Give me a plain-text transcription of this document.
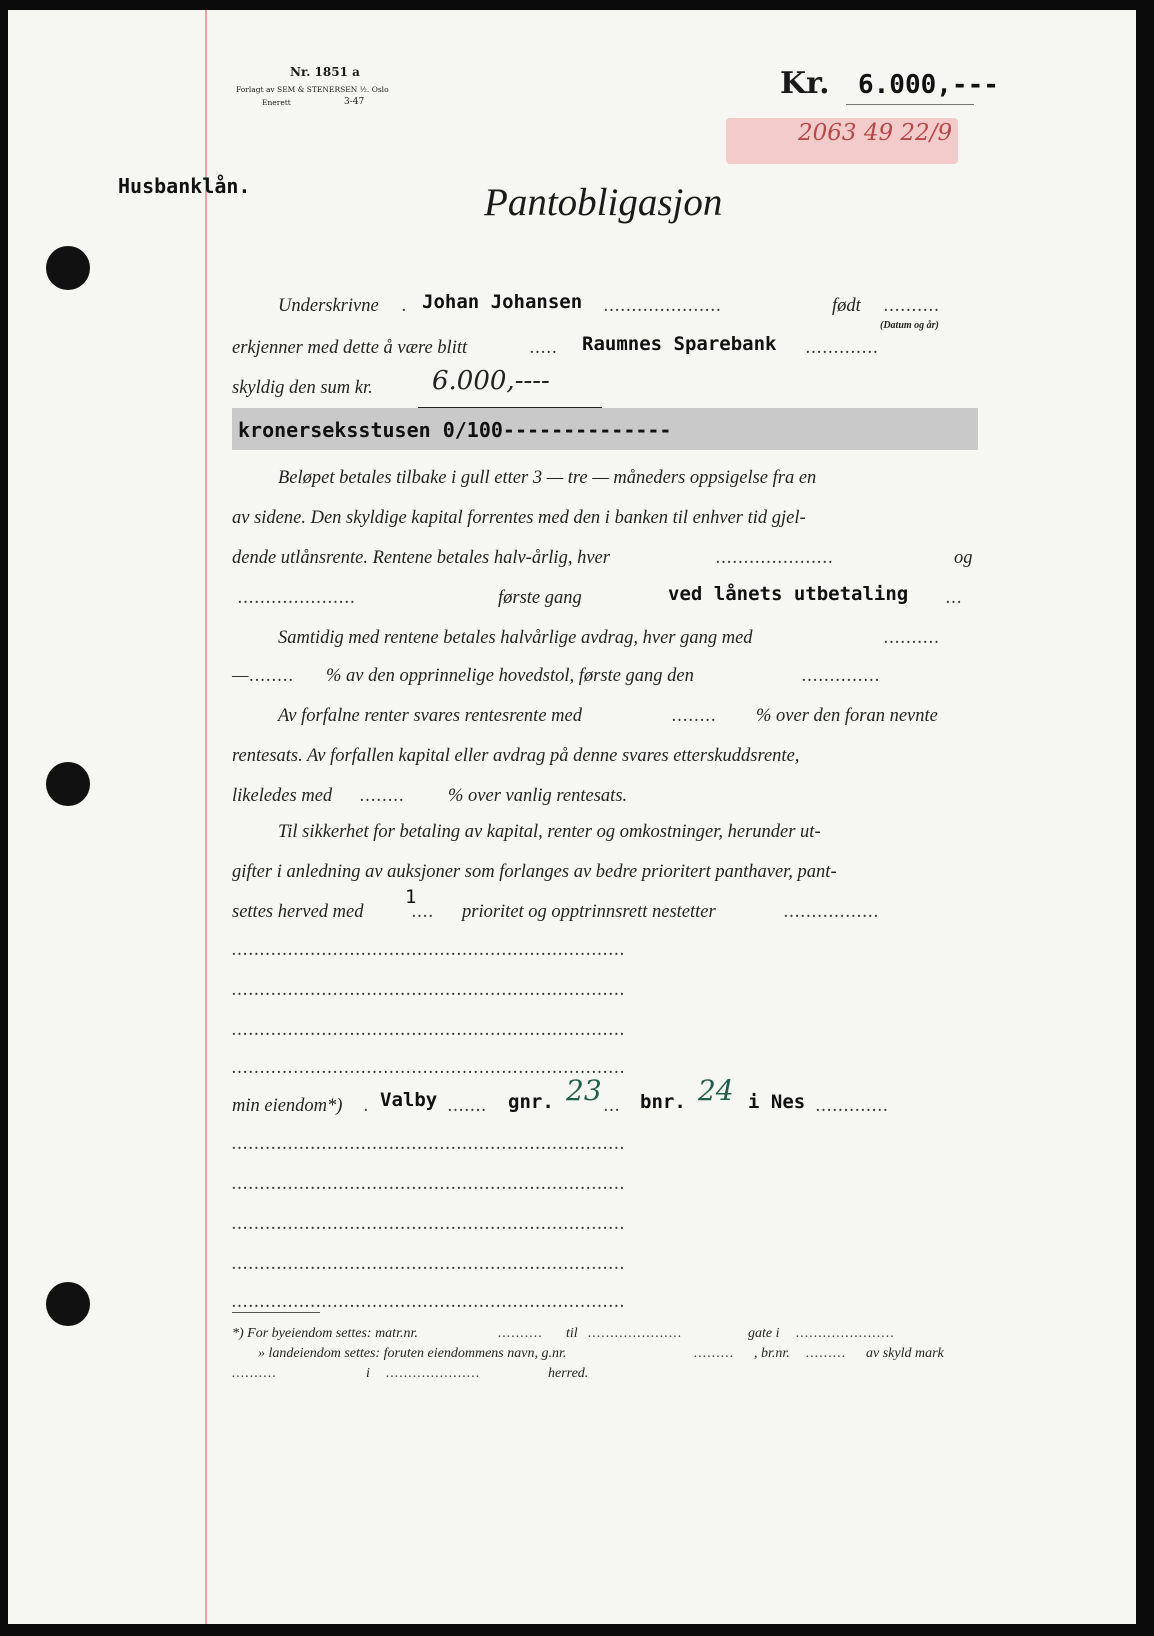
Nr. 1851 a
Forlagt av SEM & STENERSEN ½. Oslo
Enerett	3-47
Kr. 6.000,---
2063 49 22/9
Husbanklån.	Pantobligasjon
Underskrivne . Johan Johansen .....................	født ..........
(Datum og år)
erkjenner med dette å være blitt	..... Raumnes Sparebank .............
skyldig den sum kr. 6.000,----
kronerseksstusen 0/100--------------
Beløpet betales tilbake i gull etter 3 — tre — måneders oppsigelse fra en
av sidene. Den skyldige kapital forrentes med den i banken til enhver tid gjel-
dende utlånsrente. Rentene betales halv-årlig, hver	.....................	og
.....................	første gang	ved lånets utbetaling ...
Samtidig med rentene betales halvårlige avdrag, hver gang med	..........
—........ % av den opprinnelige hovedstol, første gang den	..............
Av forfalne renter svares rentesrente med	........ % over den foran nevnte
rentesats. Av forfallen kapital eller avdrag på denne svares etterskuddsrente,
likeledes med ........ % over vanlig rentesats.
Til sikkerhet for betaling av kapital, renter og omkostninger, herunder ut-
gifter i anledning av auksjoner som forlanges av bedre prioritert panthaver, pant-
settes herved med
1
.... prioritet og opptrinnsrett nestetter	.................
......................................................................
......................................................................
......................................................................
......................................................................
min eiendom*) . Valby ....... gnr. 23 ... bnr. 24 i Nes .............
......................................................................
......................................................................
......................................................................
......................................................................
......................................................................
*) For byeiendom settes: matr.nr.	.......... til .....................	gate i ......................
» landeiendom settes: foruten eiendommens navn, g.nr.	......... , br.nr. ......... av skyld mark
..........	i .....................	herred.
